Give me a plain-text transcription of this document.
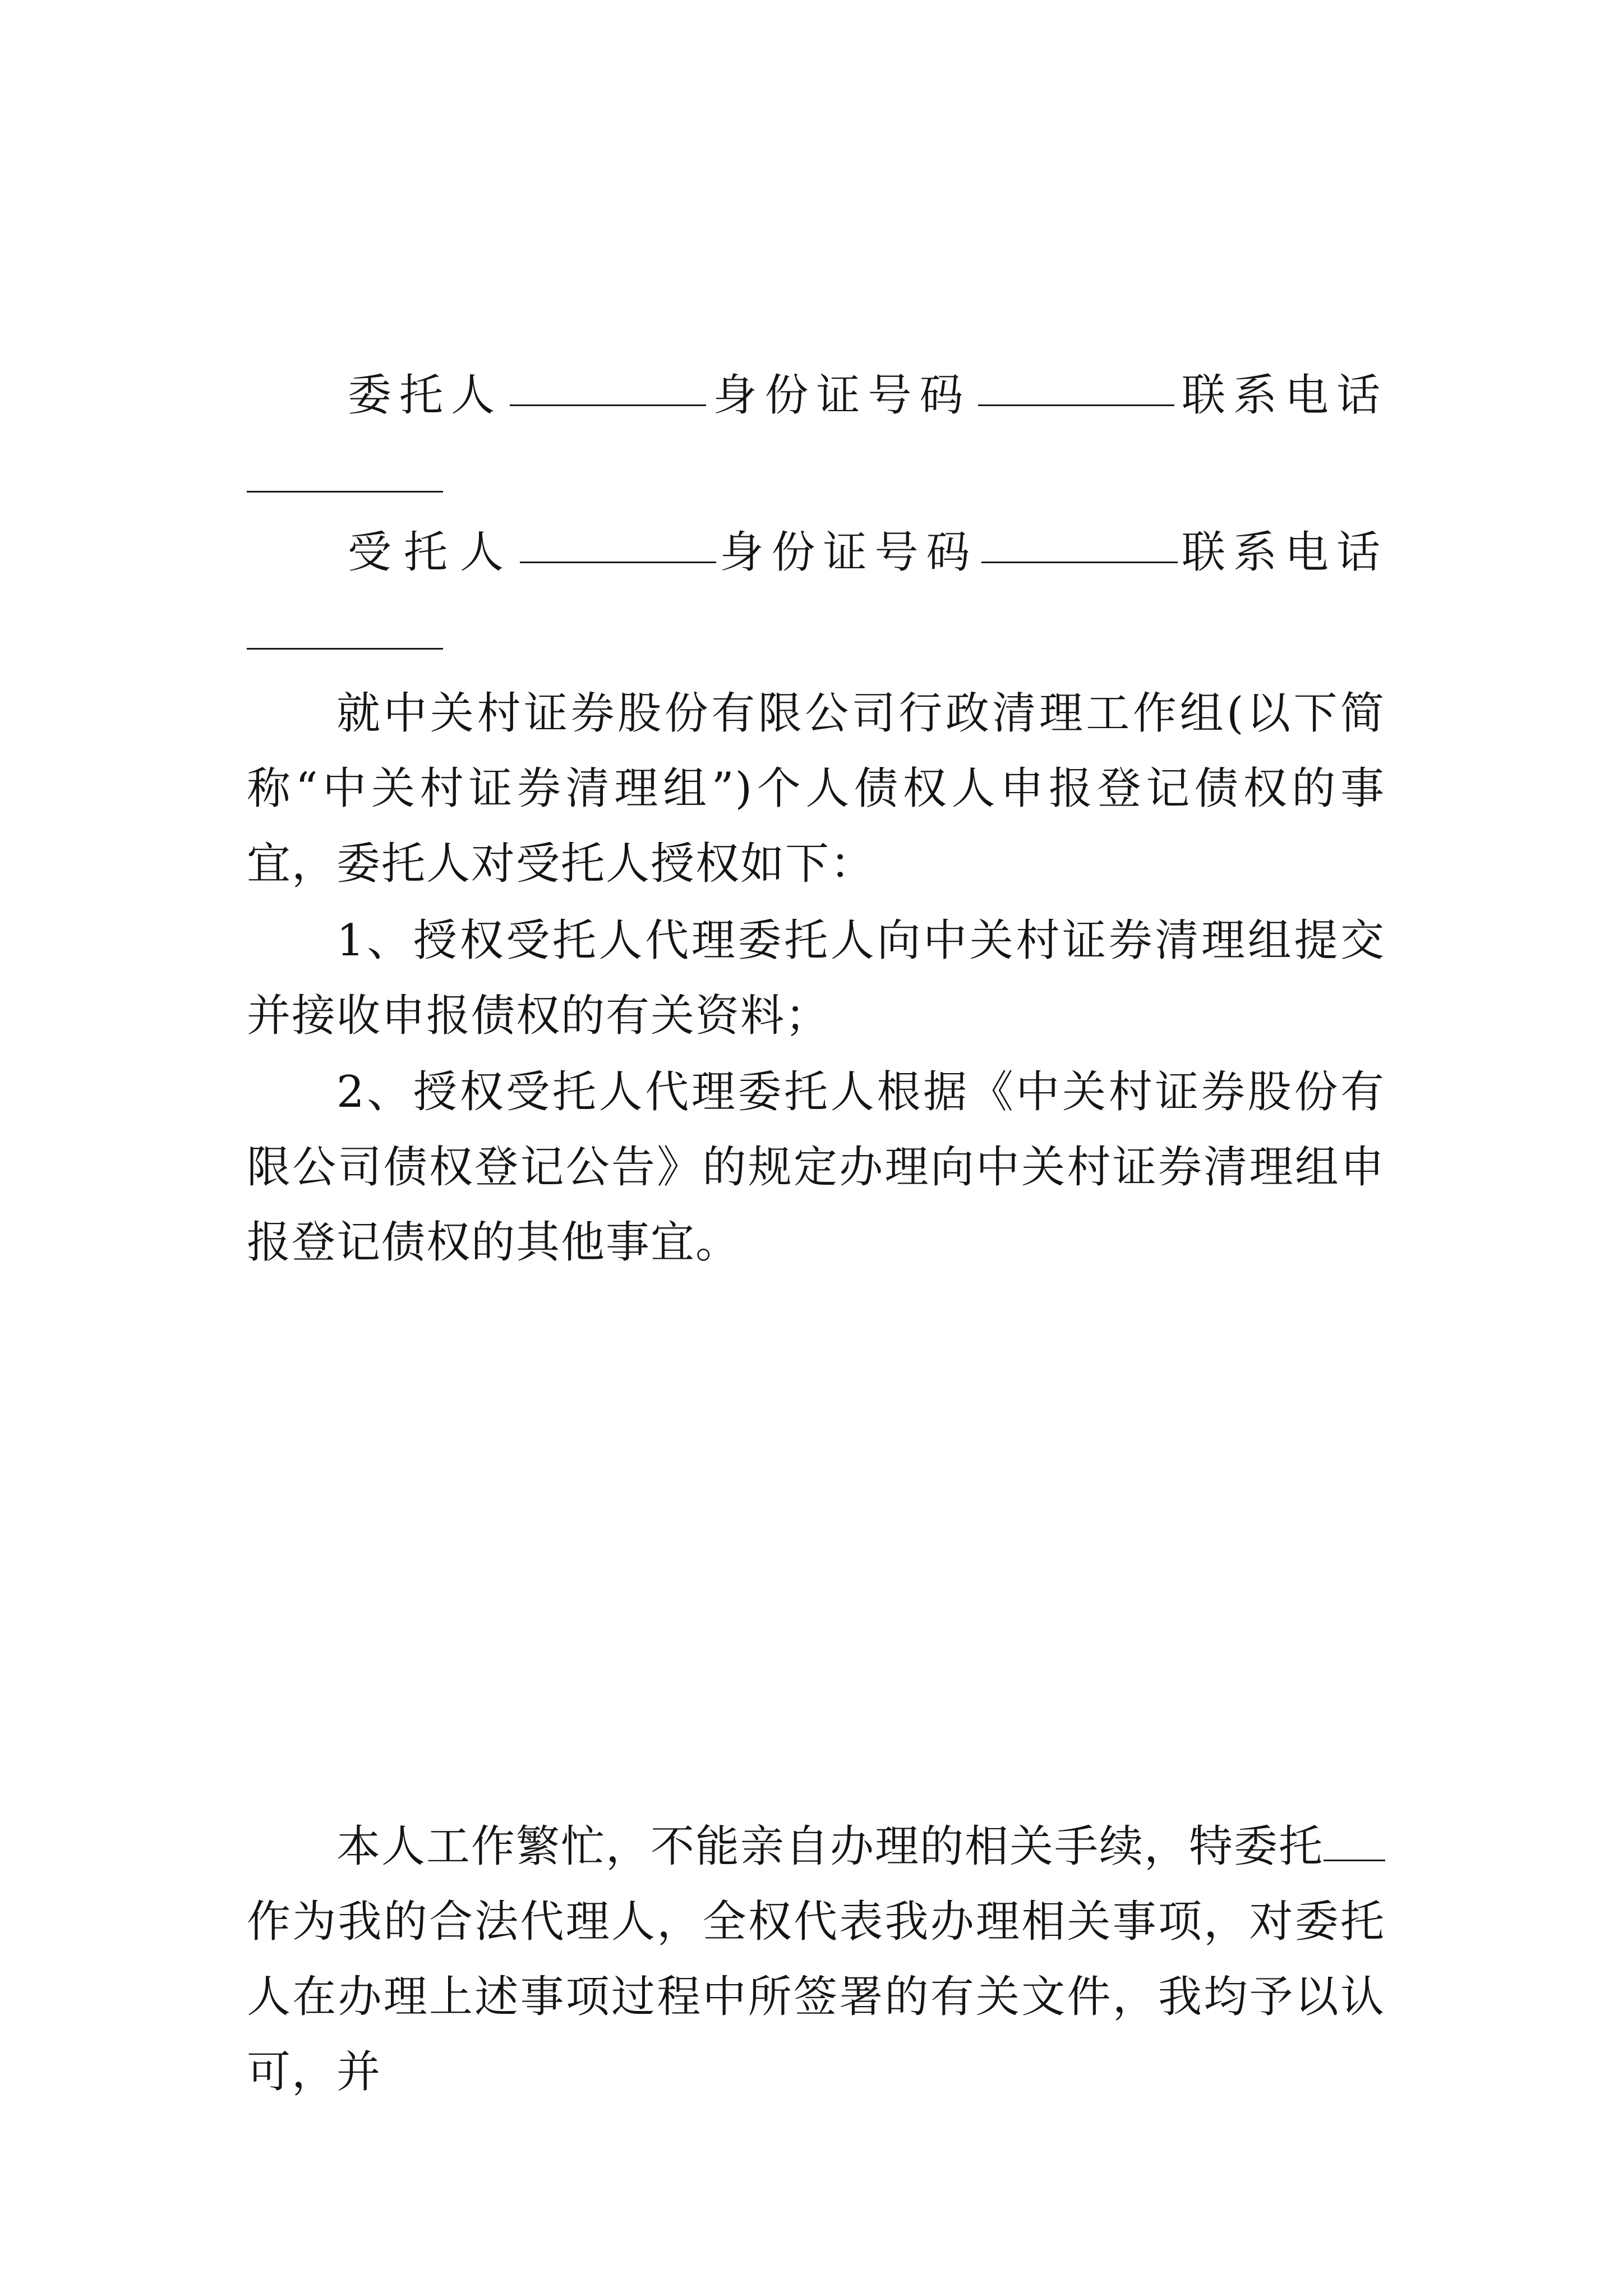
委托人	身份证号码	联系电话
受托人	身份证号码	联系电话
就中关村证券股份有限公司行政清理工作组(以下简称“中关村证券清理组”)个人债权人申报登记债权的事宜，委托人对受托人授权如下：
1、授权受托人代理委托人向中关村证券清理组提交并接收申报债权的有关资料；
2、授权受托人代理委托人根据《中关村证券股份有限公司债权登记公告》的规定办理向中关村证券清理组申报登记债权的其他事宜。

本人工作繁忙，不能亲自办理的相关手续，特委托作为我的合法代理人，全权代表我办理相关事项，对委托人在办理上述事项过程中所签署的有关文件，我均予以认可，并
